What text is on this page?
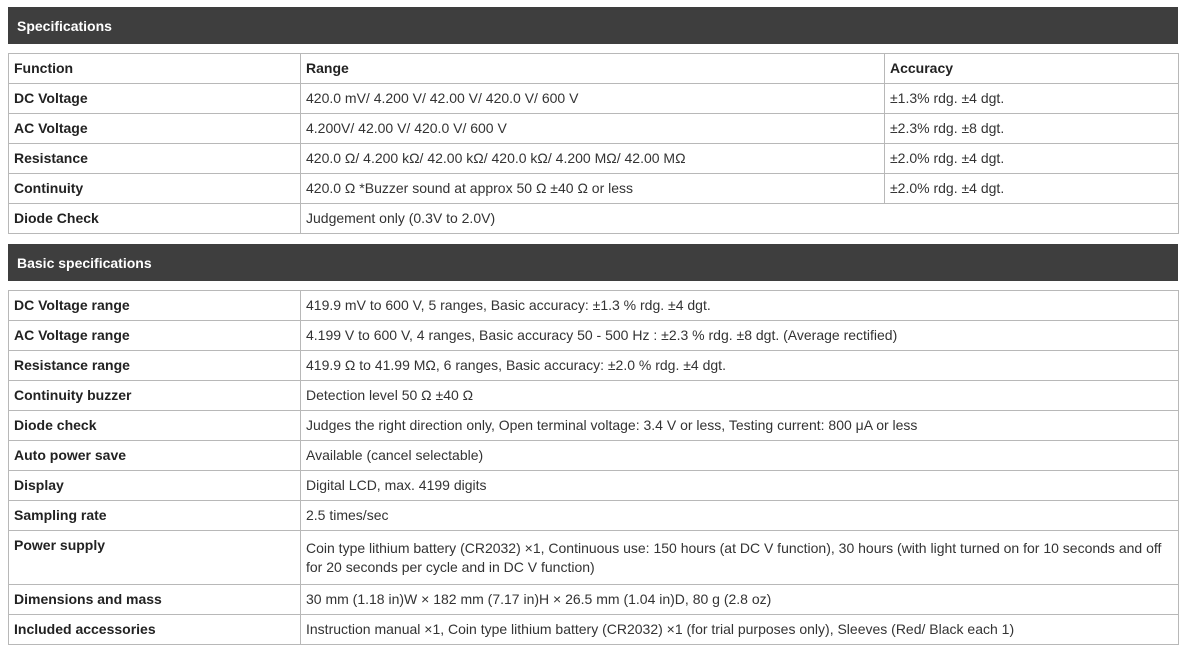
Specifications
Function	Range	Accuracy
DC Voltage	420.0 mV/ 4.200 V/ 42.00 V/ 420.0 V/ 600 V	±1.3% rdg. ±4 dgt.
AC Voltage	4.200V/ 42.00 V/ 420.0 V/ 600 V	±2.3% rdg. ±8 dgt.
Resistance	420.0 Ω/ 4.200 kΩ/ 42.00 kΩ/ 420.0 kΩ/ 4.200 MΩ/ 42.00 MΩ	±2.0% rdg. ±4 dgt.
Continuity	420.0 Ω *Buzzer sound at approx 50 Ω ±40 Ω or less	±2.0% rdg. ±4 dgt.
Diode Check	Judgement only (0.3V to 2.0V)	
Basic specifications
DC Voltage range	419.9 mV to 600 V, 5 ranges, Basic accuracy: ±1.3 % rdg. ±4 dgt.
AC Voltage range	4.199 V to 600 V, 4 ranges, Basic accuracy 50 - 500 Hz : ±2.3 % rdg. ±8 dgt. (Average rectified)
Resistance range	419.9 Ω to 41.99 MΩ, 6 ranges, Basic accuracy: ±2.0 % rdg. ±4 dgt.
Continuity buzzer	Detection level 50 Ω ±40 Ω
Diode check	Judges the right direction only, Open terminal voltage: 3.4 V or less, Testing current: 800 μA or less
Auto power save	Available (cancel selectable)
Display	Digital LCD, max. 4199 digits
Sampling rate	2.5 times/sec
Power supply	Coin type lithium battery (CR2032) ×1, Continuous use: 150 hours (at DC V function), 30 hours (with light turned on for 10 seconds and off for 20 seconds per cycle and in DC V function)
Dimensions and mass	30 mm (1.18 in)W × 182 mm (7.17 in)H × 26.5 mm (1.04 in)D, 80 g (2.8 oz)
Included accessories	Instruction manual ×1, Coin type lithium battery (CR2032) ×1 (for trial purposes only), Sleeves (Red/ Black each 1)
